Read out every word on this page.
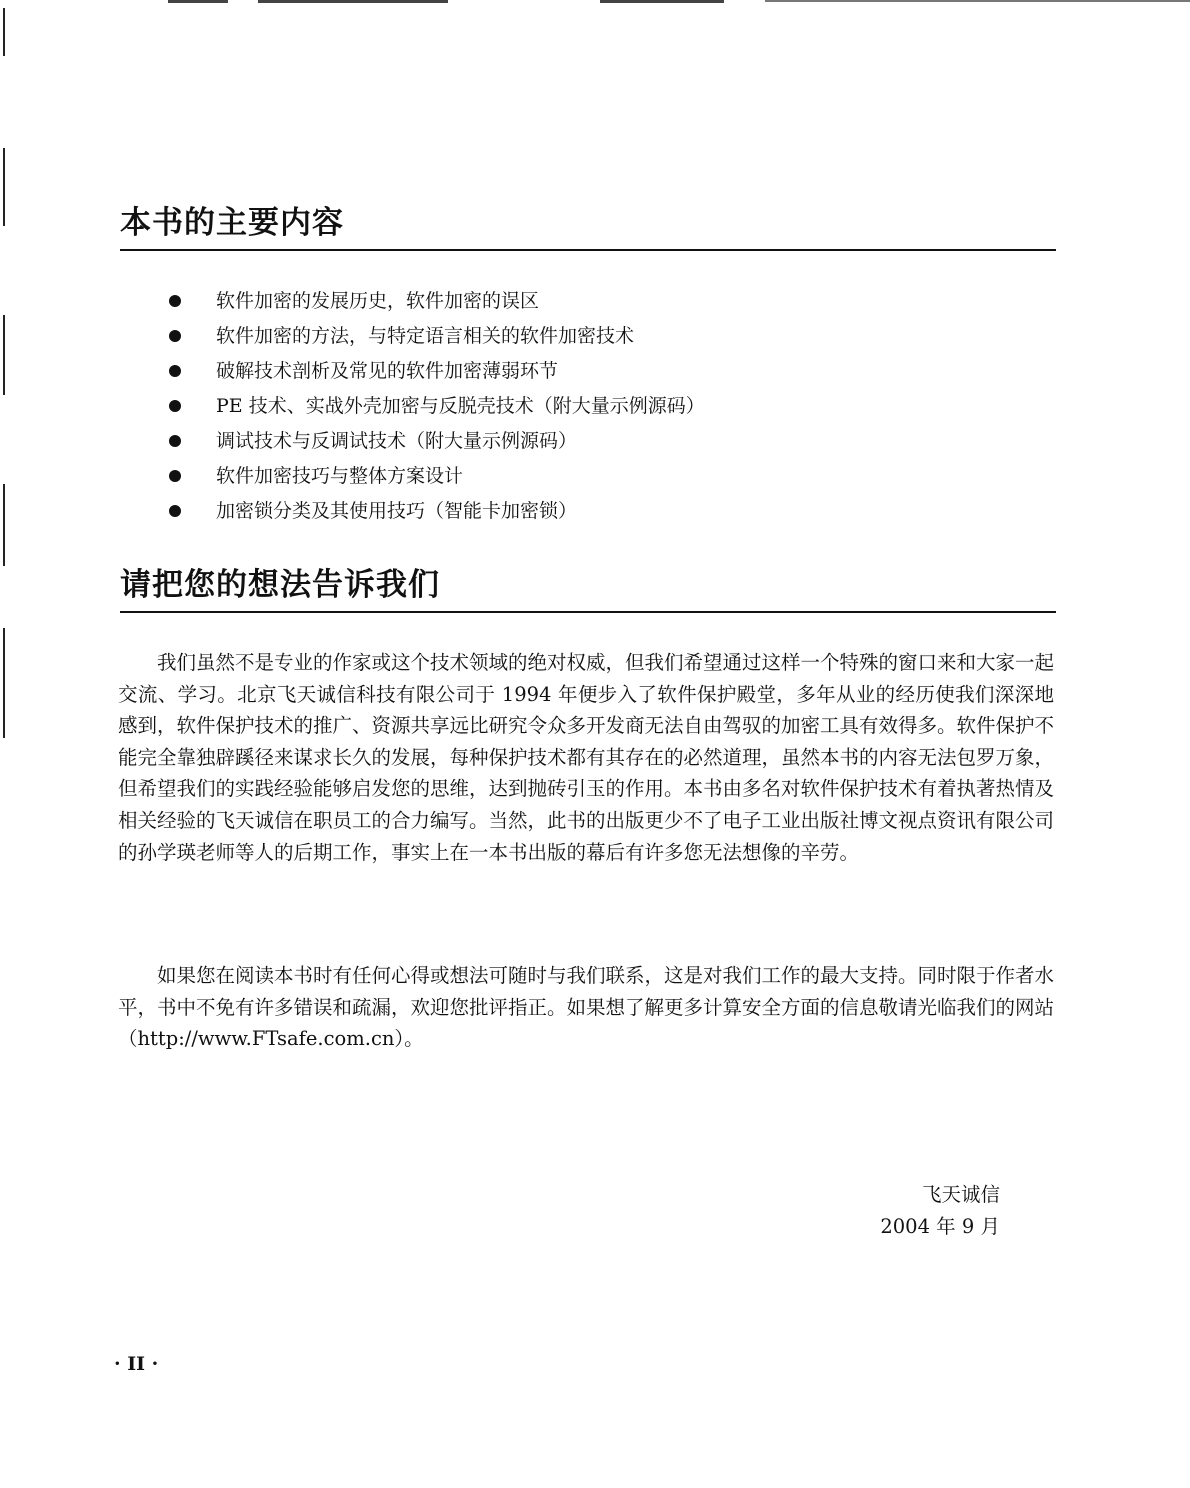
本书的主要内容
软件加密的发展历史，软件加密的误区
软件加密的方法，与特定语言相关的软件加密技术
破解技术剖析及常见的软件加密薄弱环节
PE 技术、实战外壳加密与反脱壳技术（附大量示例源码）
调试技术与反调试技术（附大量示例源码）
软件加密技巧与整体方案设计
加密锁分类及其使用技巧（智能卡加密锁）
请把您的想法告诉我们

我们虽然不是专业的作家或这个技术领域的绝对权威，但我们希望通过这样一个特殊的窗口来和大家一起交流、学习。北京飞天诚信科技有限公司于 1994 年便步入了软件保护殿堂，多年从业的经历使我们深深地感到，软件保护技术的推广、资源共享远比研究令众多开发商无法自由驾驭的加密工具有效得多。软件保护不能完全靠独辟蹊径来谋求长久的发展，每种保护技术都有其存在的必然道理，虽然本书的内容无法包罗万象，但希望我们的实践经验能够启发您的思维，达到抛砖引玉的作用。本书由多名对软件保护技术有着执著热情及相关经验的飞天诚信在职员工的合力编写。当然，此书的出版更少不了电子工业出版社博文视点资讯有限公司的孙学瑛老师等人的后期工作，事实上在一本书出版的幕后有许多您无法想像的辛劳。

如果您在阅读本书时有任何心得或想法可随时与我们联系，这是对我们工作的最大支持。同时限于作者水平，书中不免有许多错误和疏漏，欢迎您批评指正。如果想了解更多计算安全方面的信息敬请光临我们的网站（http://www.FTsafe.com.cn）。

飞天诚信
2004 年 9 月
· II ·
